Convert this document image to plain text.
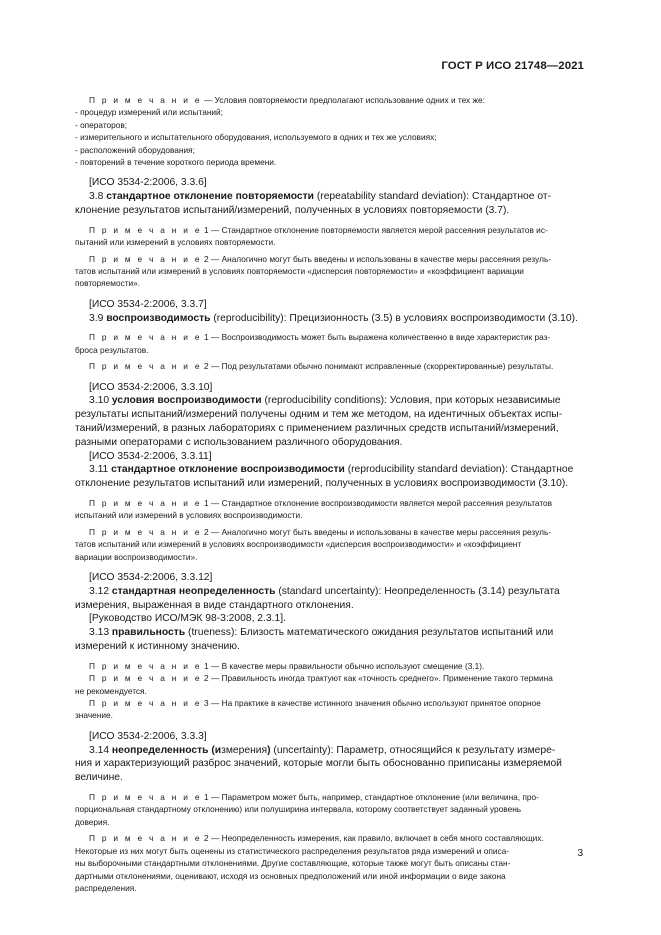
ГОСТ Р ИСО 21748—2021

П р и м е ч а н и е — Условия повторяемости предполагают использование одних и тех же:

- процедур измерений или испытаний;

- операторов;

- измерительного и испытательного оборудования, используемого в одних и тех же условиях;

- расположений оборудования;

- повторений в течение короткого периода времени.

[ИСО 3534-2:2006, 3.3.6]

3.8 стандартное отклонение повторяемости (repeatability standard deviation): Стандартное от-

клонение результатов испытаний/измерений, полученных в условиях повторяемости (3.7).

П р и м е ч а н и е 1 — Стандартное отклонение повторяемости является мерой рассеяния результатов ис-

пытаний или измерений в условиях повторяемости.

П р и м е ч а н и е 2 — Аналогично могут быть введены и использованы в качестве меры рассеяния резуль-

татов испытаний или измерений в условиях повторяемости «дисперсия повторяемости» и «коэффициент вариации

повторяемости».

[ИСО 3534-2:2006, 3.3.7]

3.9 воспроизводимость (reproducibility): Прецизионность (3.5) в условиях воспроизводимости (3.10).

П р и м е ч а н и е 1 — Воспроизводимость может быть выражена количественно в виде характеристик раз-

броса результатов.

П р и м е ч а н и е 2 — Под результатами обычно понимают исправленные (скорректированные) результаты.

[ИСО 3534-2:2006, 3.3.10]

3.10 условия воспроизводимости (reproducibility conditions): Условия, при которых независимые

результаты испытаний/измерений получены одним и тем же методом, на идентичных объектах испы-

таний/измерений, в разных лабораториях с применением различных средств испытаний/измерений,

разными операторами с использованием различного оборудования.

[ИСО 3534-2:2006, 3.3.11]

3.11 стандартное отклонение воспроизводимости (reproducibility standard deviation): Стандартное

отклонение результатов испытаний или измерений, полученных в условиях воспроизводимости (3.10).

П р и м е ч а н и е 1 — Стандартное отклонение воспроизводимости является мерой рассеяния результатов

испытаний или измерений в условиях воспроизводимости.

П р и м е ч а н и е 2 — Аналогично могут быть введены и использованы в качестве меры рассеяния резуль-

татов испытаний или измерений в условиях воспроизводимости «дисперсия воспроизводимости» и «коэффициент

вариации воспроизводимости».

[ИСО 3534-2:2006, 3.3.12]

3.12 стандартная неопределенность (standard uncertainty): Неопределенность (3.14) результата

измерения, выраженная в виде стандартного отклонения.

[Руководство ИСО/МЭК 98-3:2008, 2.3.1].

3.13 правильность (trueness): Близость математического ожидания результатов испытаний или

измерений к истинному значению.

П р и м е ч а н и е 1 — В качестве меры правильности обычно используют смещение (3.1).

П р и м е ч а н и е 2 — Правильность иногда трактуют как «точность среднего». Применение такого термина

не рекомендуется.

П р и м е ч а н и е 3 — На практике в качестве истинного значения обычно используют принятое опорное

значение.

[ИСО 3534-2:2006, 3.3.3]

3.14 неопределенность (измерения) (uncertainty): Параметр, относящийся к результату измере-

ния и характеризующий разброс значений, которые могли быть обоснованно приписаны измеряемой

величине.

П р и м е ч а н и е 1 — Параметром может быть, например, стандартное отклонение (или величина, про-

порциональная стандартному отклонению) или полуширина интервала, которому соответствует заданный уровень

доверия.

П р и м е ч а н и е 2 — Неопределенность измерения, как правило, включает в себя много составляющих.

Некоторые из них могут быть оценены из статистического распределения результатов ряда измерений и описа-

ны выборочными стандартными отклонениями. Другие составляющие, которые также могут быть описаны стан-

дартными отклонениями, оценивают, исходя из основных предположений или иной информации о виде закона

распределения.

3
